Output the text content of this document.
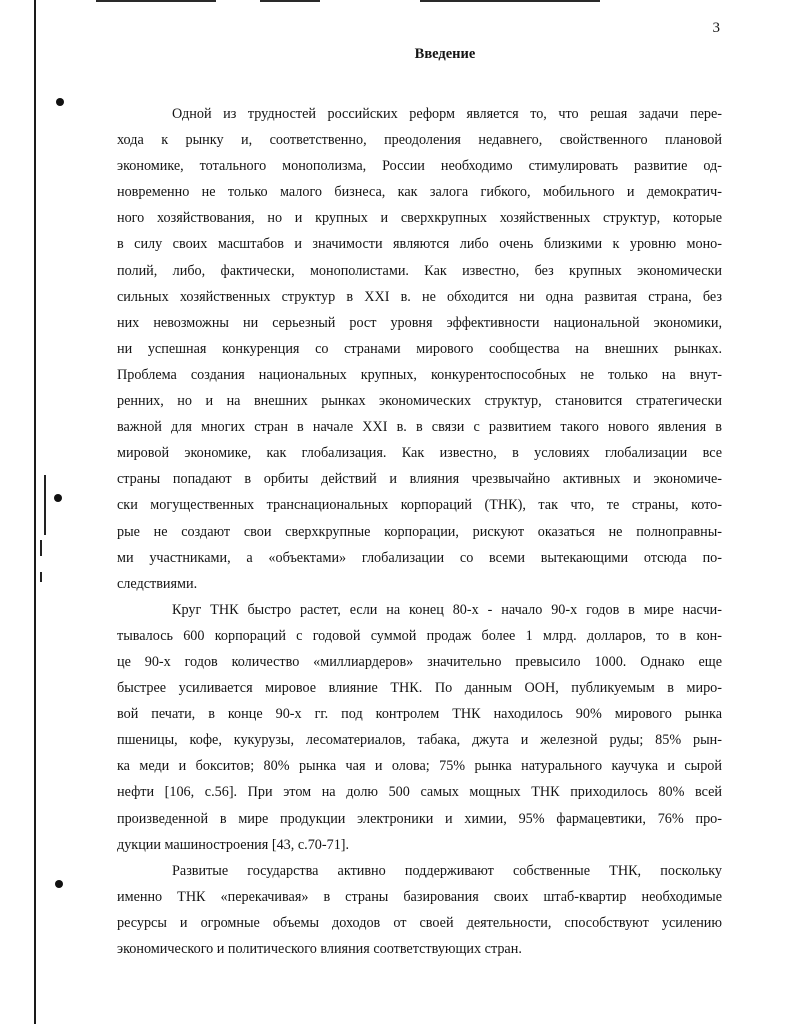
3
Введение
Одной из трудностей российских реформ является то, что решая задачи пере-
хода к рынку и, соответственно, преодоления недавнего, свойственного плановой
экономике, тотального монополизма, России необходимо стимулировать развитие од-
новременно не только малого бизнеса, как залога гибкого, мобильного и демократич-
ного хозяйствования, но и крупных и сверхкрупных хозяйственных структур, которые
в силу своих масштабов и значимости являются либо очень близкими к уровню моно-
полий, либо, фактически, монополистами. Как известно, без крупных экономически
сильных хозяйственных структур в XXI в. не обходится ни одна развитая страна, без
них невозможны ни серьезный рост уровня эффективности национальной экономики,
ни успешная конкуренция со странами мирового сообщества на внешних рынках.
Проблема создания национальных крупных, конкурентоспособных не только на внут-
ренних, но и на внешних рынках экономических структур, становится стратегически
важной для многих стран в начале XXI в. в связи с развитием такого нового явления в
мировой экономике, как глобализация. Как известно, в условиях глобализации все
страны попадают в орбиты действий и влияния чрезвычайно активных и экономиче-
ски могущественных транснациональных корпораций (ТНК), так что, те страны, кото-
рые не создают свои сверхкрупные корпорации, рискуют оказаться не полноправны-
ми участниками, а «объектами» глобализации со всеми вытекающими отсюда по-
следствиями.
Круг ТНК быстро растет, если на конец 80-х - начало 90-х годов в мире насчи-
тывалось 600 корпораций с годовой суммой продаж более 1 млрд. долларов, то в кон-
це 90-х годов количество «миллиардеров» значительно превысило 1000. Однако еще
быстрее усиливается мировое влияние ТНК. По данным ООН, публикуемым в миро-
вой печати, в конце 90-х гг. под контролем ТНК находилось 90% мирового рынка
пшеницы, кофе, кукурузы, лесоматериалов, табака, джута и железной руды; 85% рын-
ка меди и бокситов; 80% рынка чая и олова; 75% рынка натурального каучука и сырой
нефти [106, с.56]. При этом на долю 500 самых мощных ТНК приходилось 80% всей
произведенной в мире продукции электроники и химии, 95% фармацевтики, 76% про-
дукции машиностроения [43, с.70-71].
Развитые государства активно поддерживают собственные ТНК, поскольку
именно ТНК «перекачивая» в страны базирования своих штаб-квартир необходимые
ресурсы и огромные объемы доходов от своей деятельности, способствуют усилению
экономического и политического влияния соответствующих стран.
